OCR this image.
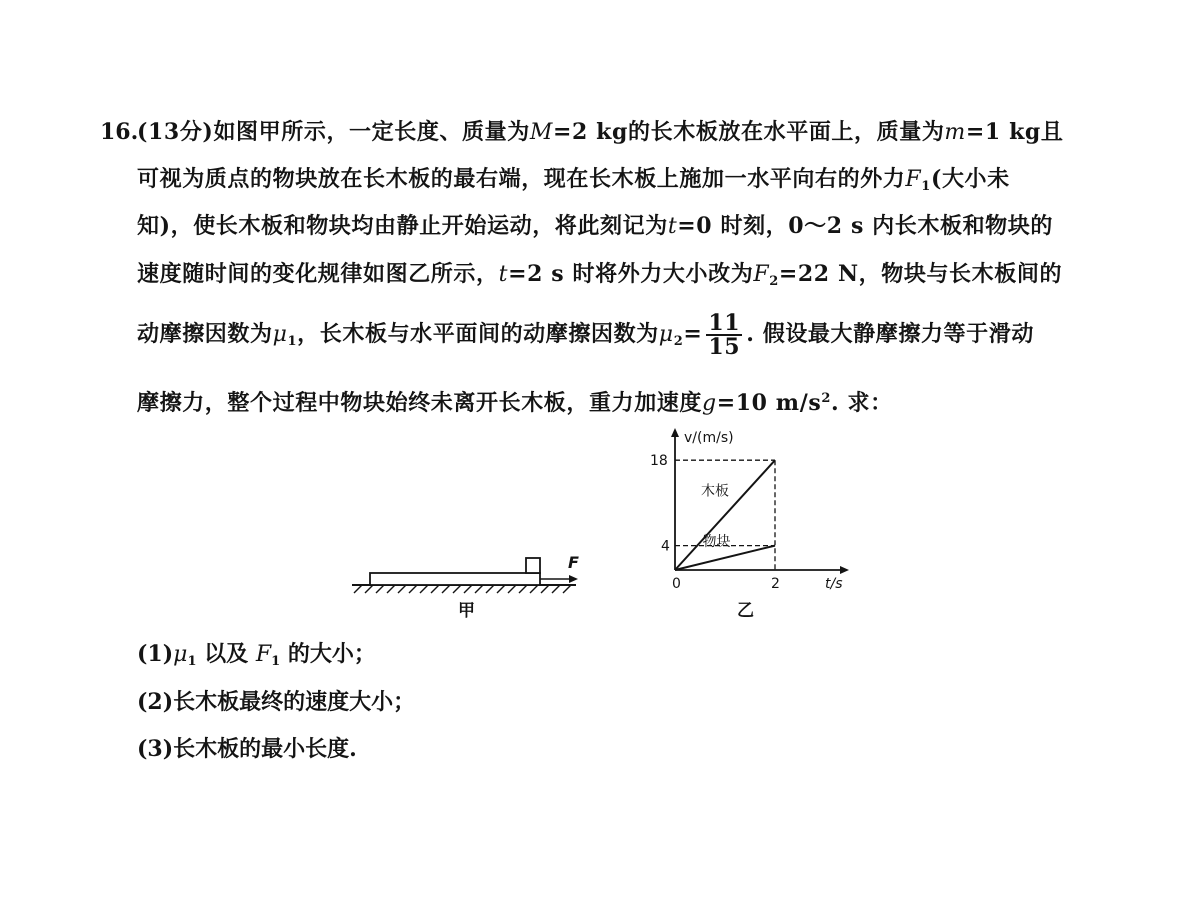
16.
(13分)如图甲所示，一定长度、质量为M=2 kg的长木板放在水平面上，质量为m=1 kg且
可视为质点的物块放在长木板的最右端，现在长木板上施加一水平向右的外力$F_1$(大小未
知)，使长木板和物块均由静止开始运动，将此刻记为t=0 时刻，0～2 s 内长木板和物块的
速度随时间的变化规律如图乙所示，t=2 s 时将外力大小改为$F_2=22$ N，物块与长木板间的
动摩擦因数为$\mu_1$，长木板与水平面间的动摩擦因数为$\mu_2= \frac{11}{15}$ . 假设最大静摩擦力等于滑动
摩擦力，整个过程中物块始终未离开长木板，重力加速度g=10 $m/s^2$. 求：
F
甲
v/(m/s)
t/s
18
4
0	2
木板
物块
乙
$(1)\mu_1$ 以及 $F_1$ 的大小；
(2)长木板最终的速度大小；
(3)长木板的最小长度.
